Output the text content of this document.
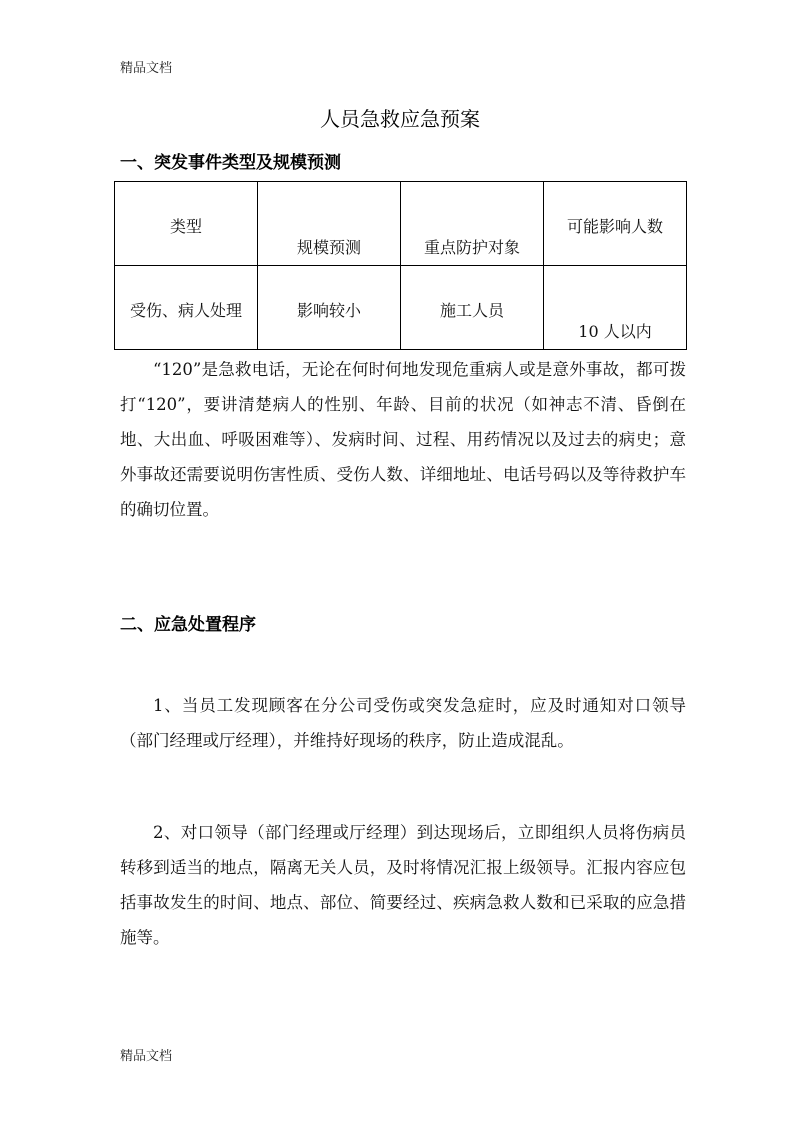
精品文档
人员急救应急预案
一、突发事件类型及规模预测
类型	规模预测	重点防护对象	可能影响人数

受伤、病人处理	影响较小	施工人员	10 人以内

“120”是急救电话，无论在何时何地发现危重病人或是意外事故，都可拨打“120”，要讲清楚病人的性别、年龄、目前的状况（如神志不清、昏倒在地、大出血、呼吸困难等）、发病时间、过程、用药情况以及过去的病史；意外事故还需要说明伤害性质、受伤人数、详细地址、电话号码以及等待救护车的确切位置。

二、应急处置程序

1、当员工发现顾客在分公司受伤或突发急症时，应及时通知对口领导（部门经理或厅经理），并维持好现场的秩序，防止造成混乱。

2、对口领导（部门经理或厅经理）到达现场后，立即组织人员将伤病员转移到适当的地点，隔离无关人员，及时将情况汇报上级领导。汇报内容应包括事故发生的时间、地点、部位、简要经过、疾病急救人数和已采取的应急措施等。

精品文档
